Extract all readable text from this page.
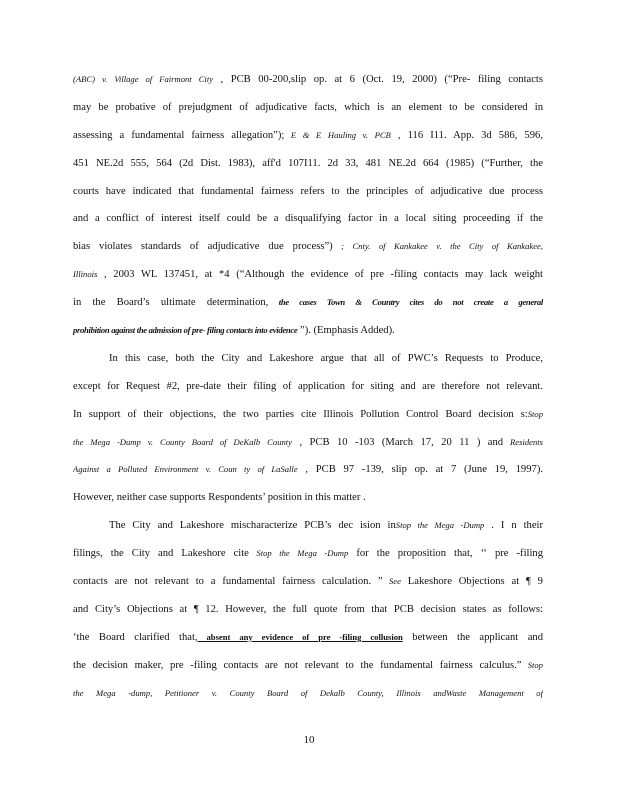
(ABC) v. Village of Fairmont City , PCB 00-200,slip op. at 6 (Oct. 19, 2000) (“Pre- filing contacts
may be probative of prejudgment of adjudicative facts, which is an element to be considered in
assessing a fundamental fairness allegation”); E & E Hauling v. PCB , 116 I11. App. 3d 586, 596,
451 NE.2d 555, 564 (2d Dist. 1983), aff'd 107I11. 2d 33, 481 NE.2d 664 (1985) (“Further, the
courts have indicated that fundamental fairness refers to the principles of adjudicative due process
and a conflict of interest itself could be a disqualifying factor in a local siting proceeding if the
bias violates standards of adjudicative due process”) ; Cnty. of Kankakee v. the City of Kankakee,
Illinois , 2003 WL 137451, at *4 (“Although the evidence of pre -filing contacts may lack weight
in the Board’s ultimate determination, the cases Town & Country cites do not create a general
prohibition against the admission of pre- filing contacts into evidence ”). (Emphasis Added).
In this case, both the City and Lakeshore argue that all of PWC’s Requests to Produce,
except for Request #2, pre-date their filing of application for siting and are therefore not relevant.
In support of their objections, the two parties cite Illinois Pollution Control Board decision s:Stop
the Mega -Dump v. County Board of DeKalb County , PCB 10 -103 (March 17, 20 11 ) and Residents
Against a Polluted Environment v. Coun ty of LaSalle , PCB 97 -139, slip op. at 7 (June 19, 1997).
However, neither case supports Respondents’ position in this matter .
The City and Lakeshore mischaracterize PCB’s dec ision inStop the Mega -Dump . I n their
filings, the City and Lakeshore cite Stop the Mega -Dump for the proposition that, ‘‘ pre -filing
contacts are not relevant to a fundamental fairness calculation. ” See Lakeshore Objections at ¶ 9
and City’s Objections at ¶ 12. However, the full quote from that PCB decision states as follows:
‘the Board clarified that, absent any evidence of pre -filing collusion between the applicant and
the decision maker, pre -filing contacts are not relevant to the fundamental fairness calculus.” Stop
the Mega -dump, Petitioner v. County Board of Dekalb County, Illinois andWaste Management of
10
